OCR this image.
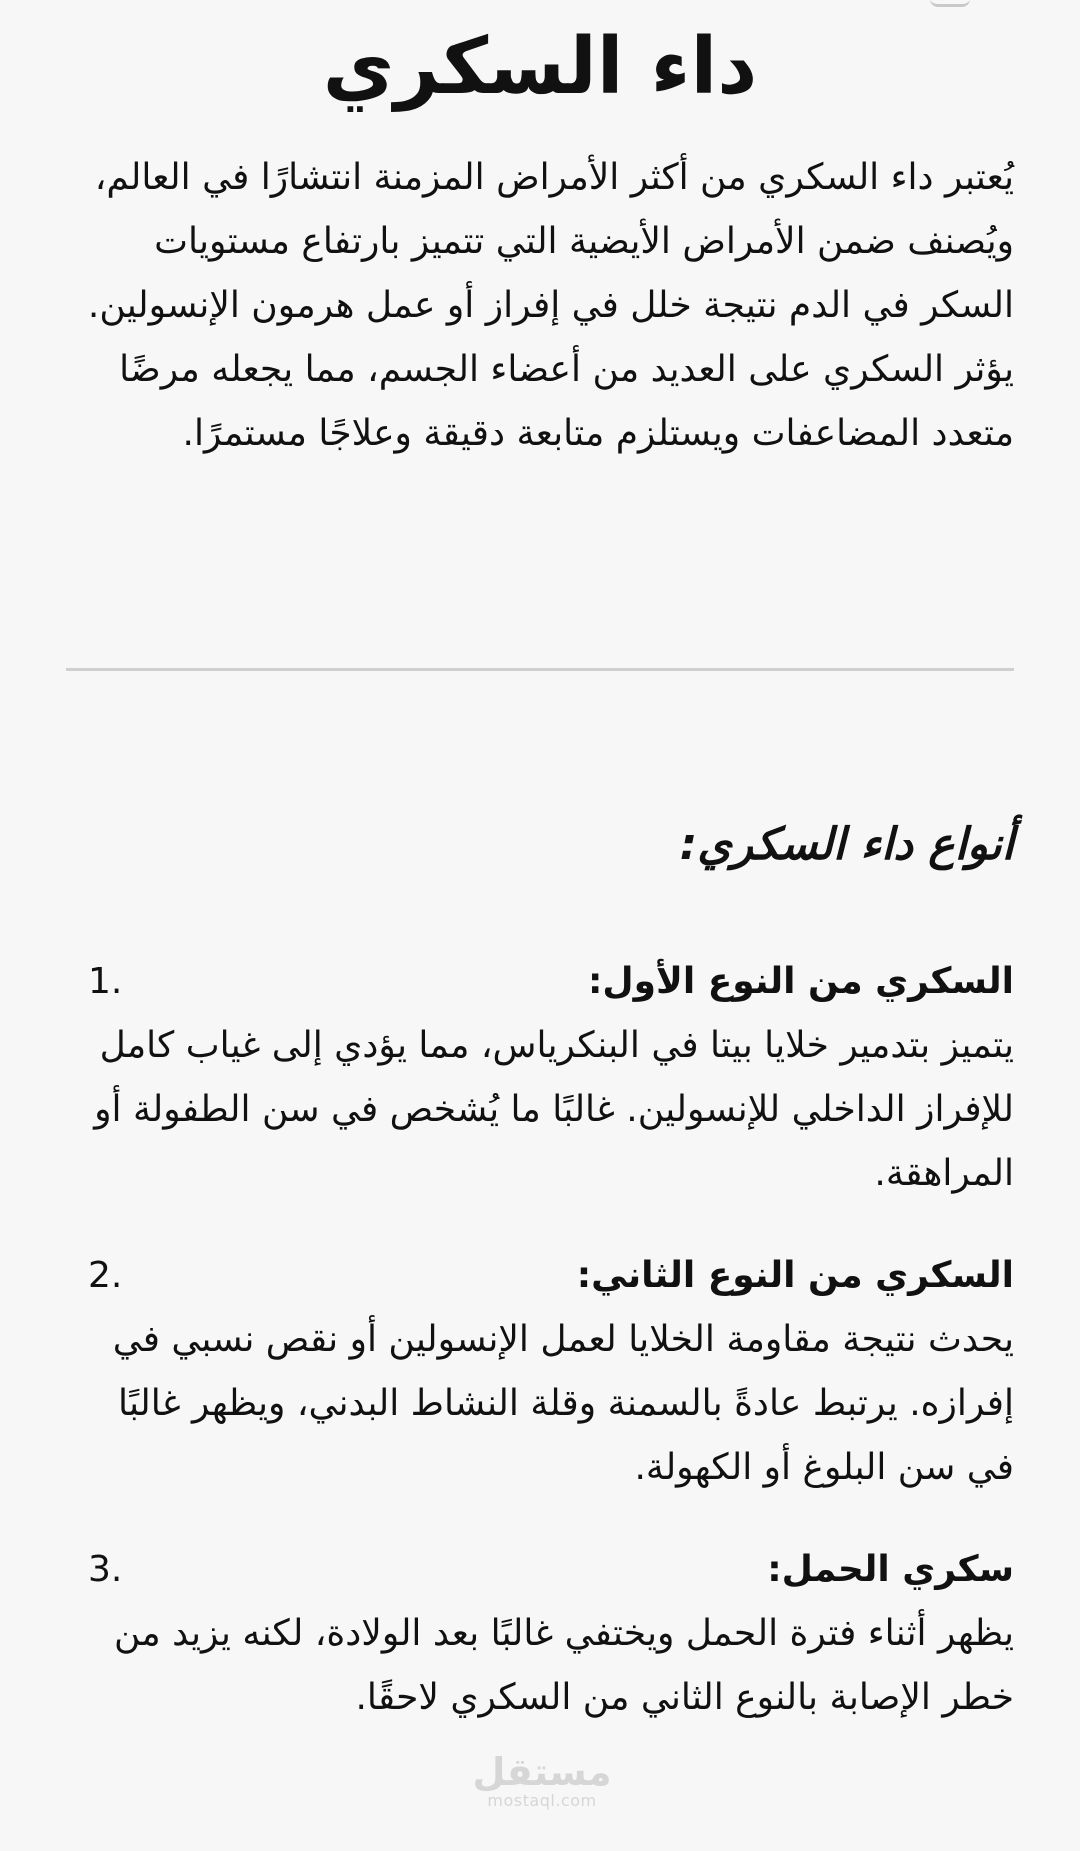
داء السكري

يُعتبر داء السكري من أكثر الأمراض المزمنة انتشارًا في العالم، ويُصنف ضمن الأمراض الأيضية التي تتميز بارتفاع مستويات السكر في الدم نتيجة خلل في إفراز أو عمل هرمون الإنسولين. يؤثر السكري على العديد من أعضاء الجسم، مما يجعله مرضًا متعدد المضاعفات ويستلزم متابعة دقيقة وعلاجًا مستمرًا.

أنواع داء السكري:
1.	السكري من النوع الأول:
يتميز بتدمير خلايا بيتا في البنكرياس، مما يؤدي إلى غياب كامل للإفراز الداخلي للإنسولين. غالبًا ما يُشخص في سن الطفولة أو المراهقة.
2.	السكري من النوع الثاني:
يحدث نتيجة مقاومة الخلايا لعمل الإنسولين أو نقص نسبي في إفرازه. يرتبط عادةً بالسمنة وقلة النشاط البدني، ويظهر غالبًا في سن البلوغ أو الكهولة.
3.	سكري الحمل:
يظهر أثناء فترة الحمل ويختفي غالبًا بعد الولادة، لكنه يزيد من خطر الإصابة بالنوع الثاني من السكري لاحقًا.
مستقل
mostaql.com
